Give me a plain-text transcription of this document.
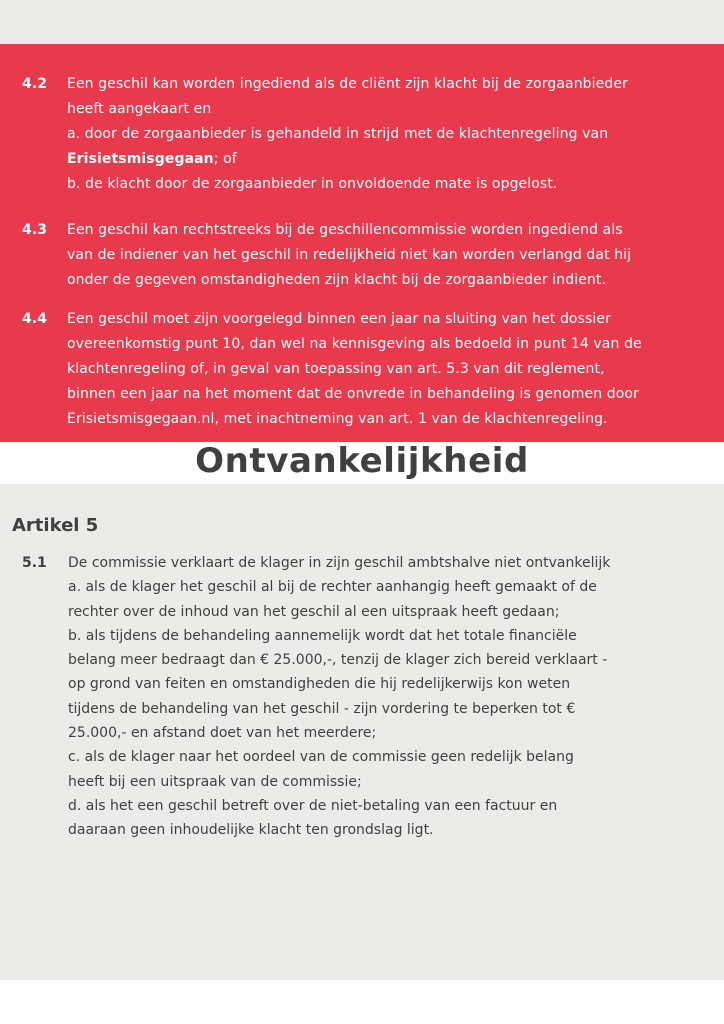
4.2	Een geschil kan worden ingediend als de cliënt zijn klacht bij de zorgaanbieder
heeft aangekaart en
a. door de zorgaanbieder is gehandeld in strijd met de klachtenregeling van
Erisietsmisgegaan; of
b. de klacht door de zorgaanbieder in onvoldoende mate is opgelost.
4.3	Een geschil kan rechtstreeks bij de geschillencommissie worden ingediend als
van de indiener van het geschil in redelijkheid niet kan worden verlangd dat hij
onder de gegeven omstandigheden zijn klacht bij de zorgaanbieder indient.
4.4	Een geschil moet zijn voorgelegd binnen een jaar na sluiting van het dossier
overeenkomstig punt 10, dan wel na kennisgeving als bedoeld in punt 14 van de
klachtenregeling of, in geval van toepassing van art. 5.3 van dit reglement,
binnen een jaar na het moment dat de onvrede in behandeling is genomen door
Erisietsmisgegaan.nl, met inachtneming van art. 1 van de klachtenregeling.
Ontvankelijkheid
Artikel 5
5.1 De commissie verklaart de klager in zijn geschil ambtshalve niet ontvankelijk
a. als de klager het geschil al bij de rechter aanhangig heeft gemaakt of de
rechter over de inhoud van het geschil al een uitspraak heeft gedaan;
b. als tijdens de behandeling aannemelijk wordt dat het totale financiële
belang meer bedraagt dan € 25.000,-, tenzij de klager zich bereid verklaart -
op grond van feiten en omstandigheden die hij redelijkerwijs kon weten
tijdens de behandeling van het geschil - zijn vordering te beperken tot €
25.000,- en afstand doet van het meerdere;
c. als de klager naar het oordeel van de commissie geen redelijk belang
heeft bij een uitspraak van de commissie;
d. als het een geschil betreft over de niet-betaling van een factuur en
daaraan geen inhoudelijke klacht ten grondslag ligt.
